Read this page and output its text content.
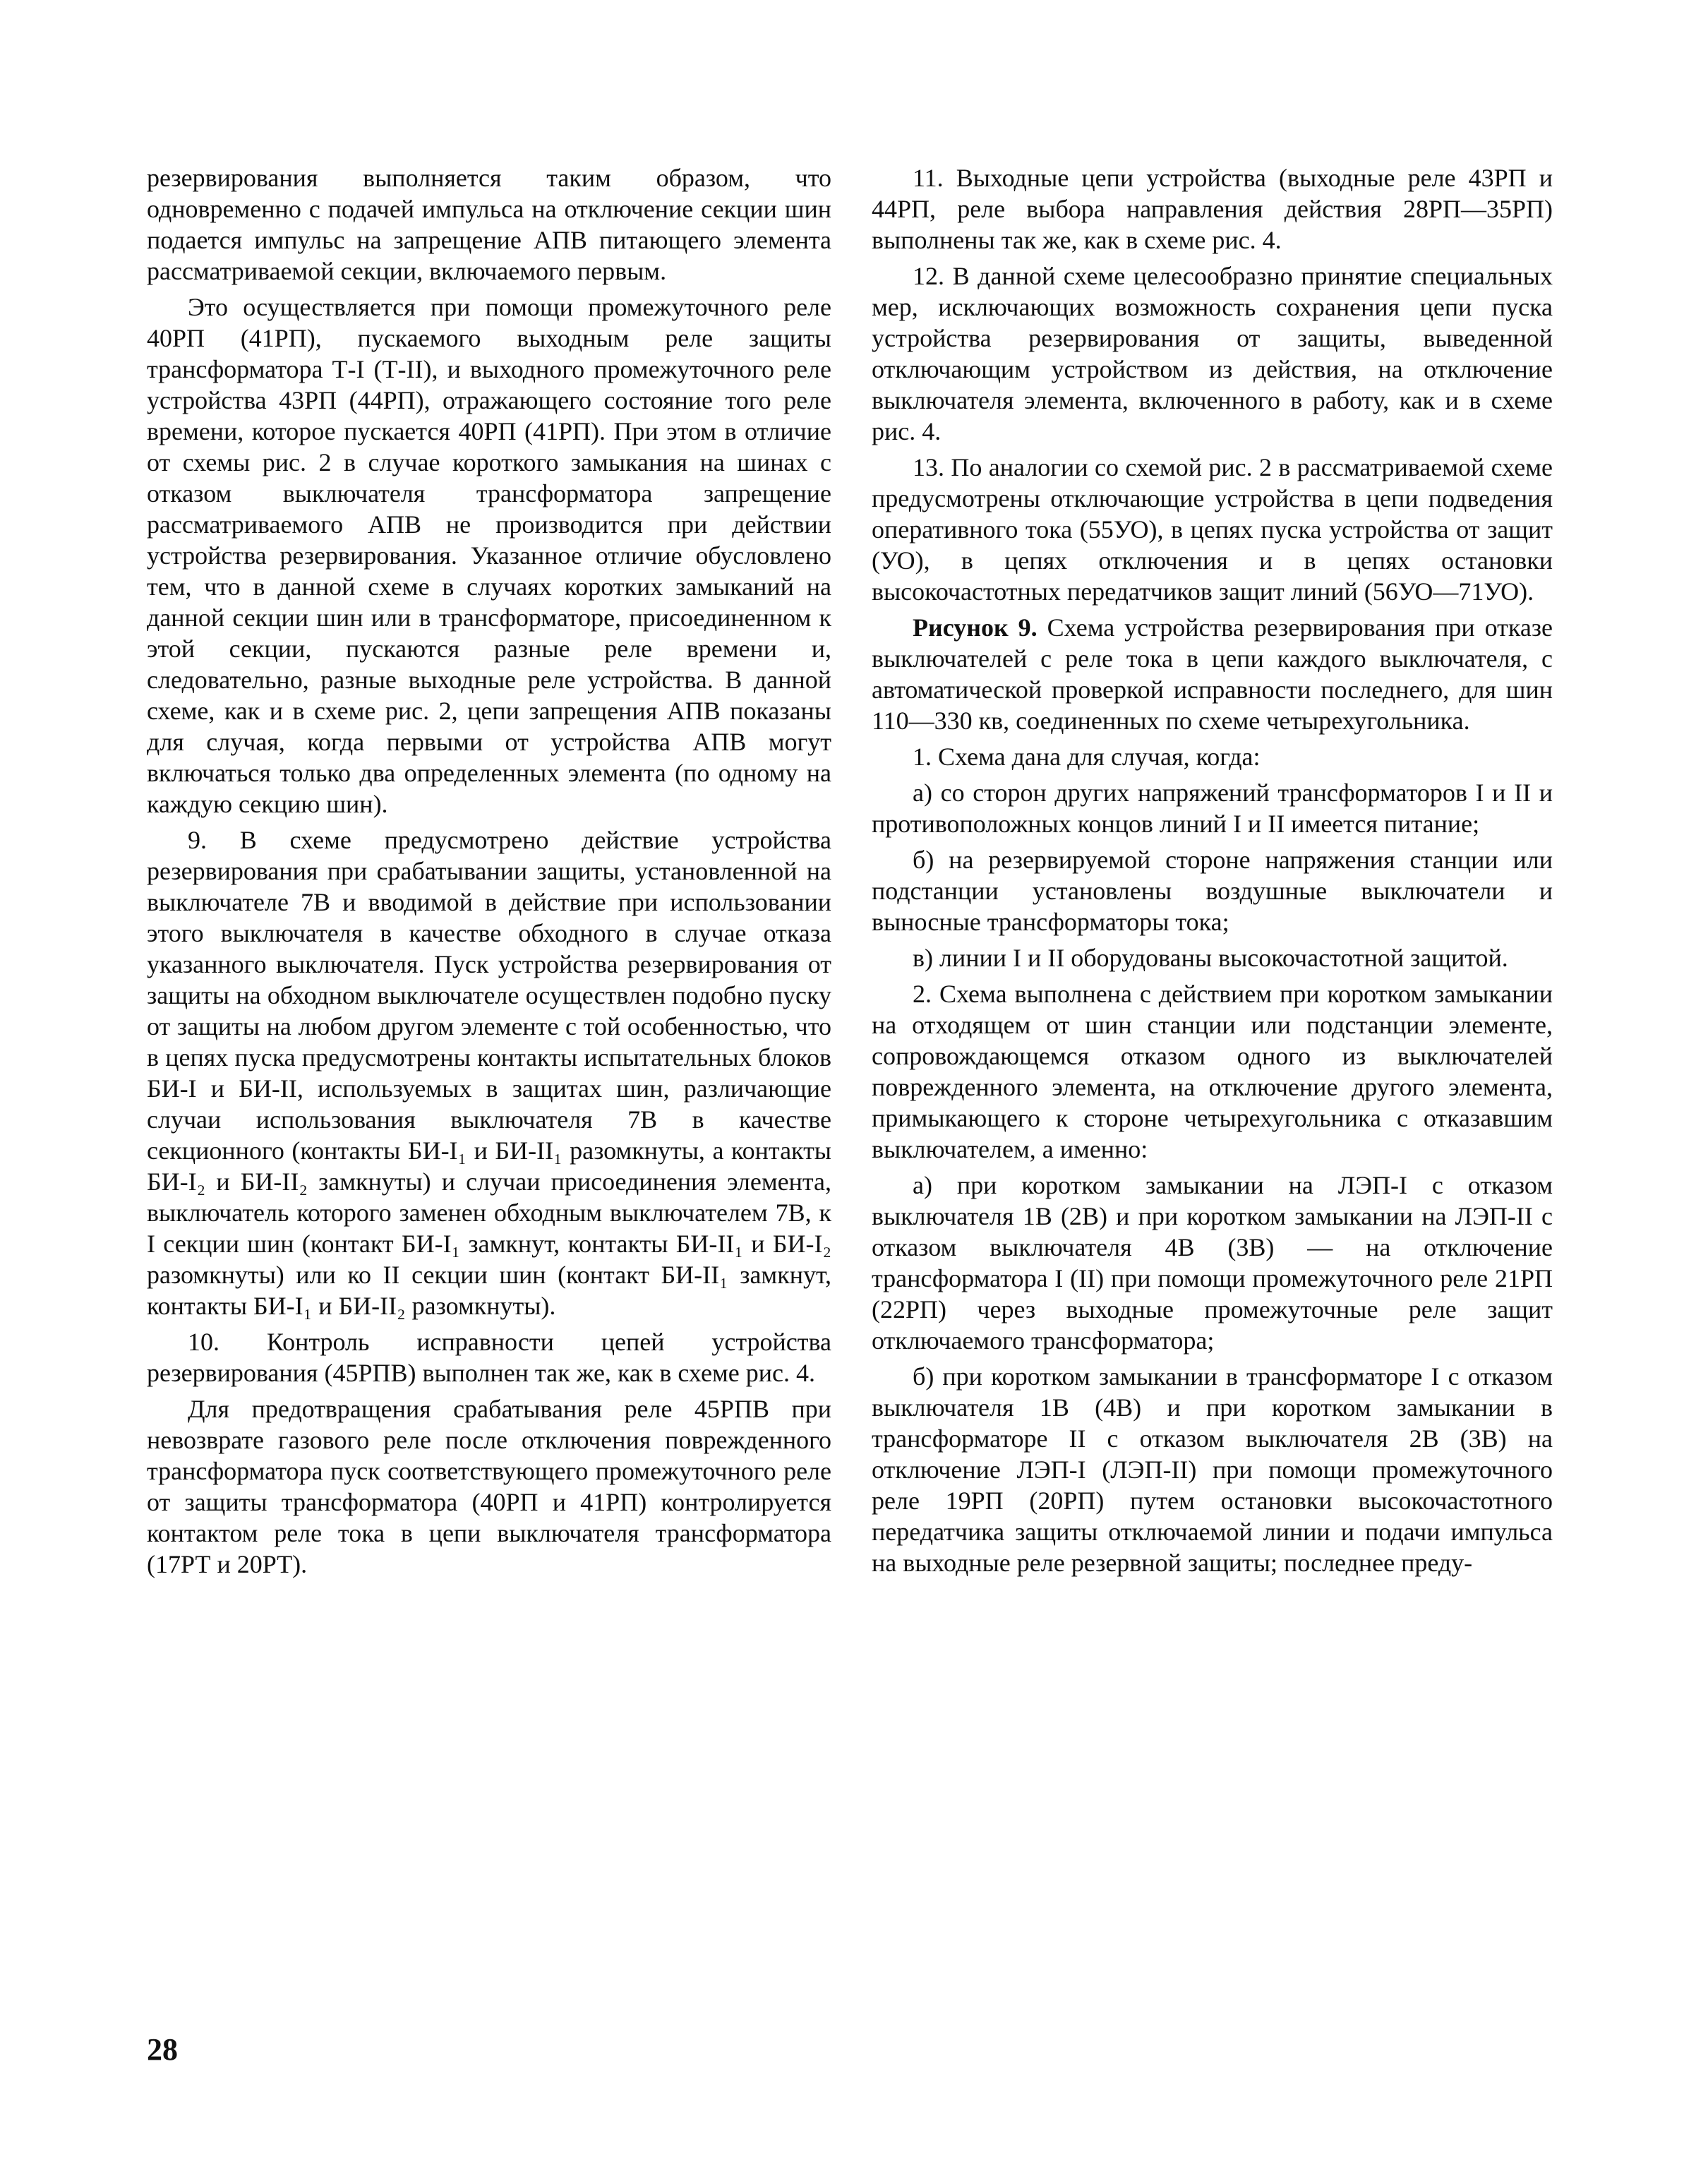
резервирования выполняется таким образом, что одновременно с подачей импульса на отключение секции шин подается импульс на запрещение АПВ питающего элемента рассматриваемой секции, включаемого первым.

Это осуществляется при помощи промежуточного реле 40РП (41РП), пускаемого выходным реле защиты трансформатора Т-I (Т-II), и выходного промежуточного реле устройства 43РП (44РП), отражающего состояние того реле времени, которое пускается 40РП (41РП). При этом в отличие от схемы рис. 2 в случае короткого замыкания на шинах с отказом выключателя трансформатора запрещение рассматриваемого АПВ не производится при действии устройства резервирования. Указанное отличие обусловлено тем, что в данной схеме в случаях коротких замыканий на данной секции шин или в трансформаторе, присоединенном к этой секции, пускаются разные реле времени и, следовательно, разные выходные реле устройства. В данной схеме, как и в схеме рис. 2, цепи запрещения АПВ показаны для случая, когда первыми от устройства АПВ могут включаться только два определенных элемента (по одному на каждую секцию шин).

9. В схеме предусмотрено действие устройства резервирования при срабатывании защиты, установленной на выключателе 7В и вводимой в действие при использовании этого выключателя в качестве обходного в случае отказа указанного выключателя. Пуск устройства резервирования от защиты на обходном выключателе осуществлен подобно пуску от защиты на любом другом элементе с той особенностью, что в цепях пуска предусмотрены контакты испытательных блоков БИ-I и БИ-II, используемых в защитах шин, различающие случаи использования выключателя 7В в качестве секционного (контакты БИ-I₁ и БИ-II₁ разомкнуты, а контакты БИ-I₂ и БИ-II₂ замкнуты) и случаи присоединения элемента, выключатель которого заменен обходным выключателем 7В, к I секции шин (контакт БИ-I₁ замкнут, контакты БИ-II₁ и БИ-I₂ разомкнуты) или ко II секции шин (контакт БИ-II₁ замкнут, контакты БИ-I₁ и БИ-II₂ разомкнуты).

10. Контроль исправности цепей устройства резервирования (45РПВ) выполнен так же, как в схеме рис. 4.

Для предотвращения срабатывания реле 45РПВ при невозврате газового реле после отключения поврежденного трансформатора пуск соответствующего промежуточного реле от защиты трансформатора (40РП и 41РП) контролируется контактом реле тока в цепи выключателя трансформатора (17РТ и 20РТ).

11. Выходные цепи устройства (выходные реле 43РП и 44РП, реле выбора направления действия 28РП—35РП) выполнены так же, как в схеме рис. 4.

12. В данной схеме целесообразно принятие специальных мер, исключающих возможность сохранения цепи пуска устройства резервирования от защиты, выведенной отключающим устройством из действия, на отключение выключателя элемента, включенного в работу, как и в схеме рис. 4.

13. По аналогии со схемой рис. 2 в рассматриваемой схеме предусмотрены отключающие устройства в цепи подведения оперативного тока (55УО), в цепях пуска устройства от защит (УО), в цепях отключения и в цепях остановки высокочастотных передатчиков защит линий (56УО—71УО).

Рисунок 9. Схема устройства резервирования при отказе выключателей с реле тока в цепи каждого выключателя, с автоматической проверкой исправности последнего, для шин 110—330 кв, соединенных по схеме четырехугольника.

1. Схема дана для случая, когда:

а) со сторон других напряжений трансформаторов I и II и противоположных концов линий I и II имеется питание;

б) на резервируемой стороне напряжения станции или подстанции установлены воздушные выключатели и выносные трансформаторы тока;

в) линии I и II оборудованы высокочастотной защитой.

2. Схема выполнена с действием при коротком замыкании на отходящем от шин станции или подстанции элементе, сопровождающемся отказом одного из выключателей поврежденного элемента, на отключение другого элемента, примыкающего к стороне четырехугольника с отказавшим выключателем, а именно:

а) при коротком замыкании на ЛЭП-I с отказом выключателя 1В (2В) и при коротком замыкании на ЛЭП-II с отказом выключателя 4В (3В) — на отключение трансформатора I (II) при помощи промежуточного реле 21РП (22РП) через выходные промежуточные реле защит отключаемого трансформатора;

б) при коротком замыкании в трансформаторе I с отказом выключателя 1В (4В) и при коротком замыкании в трансформаторе II с отказом выключателя 2В (3В) на отключение ЛЭП-I (ЛЭП-II) при помощи промежуточного реле 19РП (20РП) путем остановки высокочастотного передатчика защиты отключаемой линии и подачи импульса на выходные реле резервной защиты; последнее преду-

28
